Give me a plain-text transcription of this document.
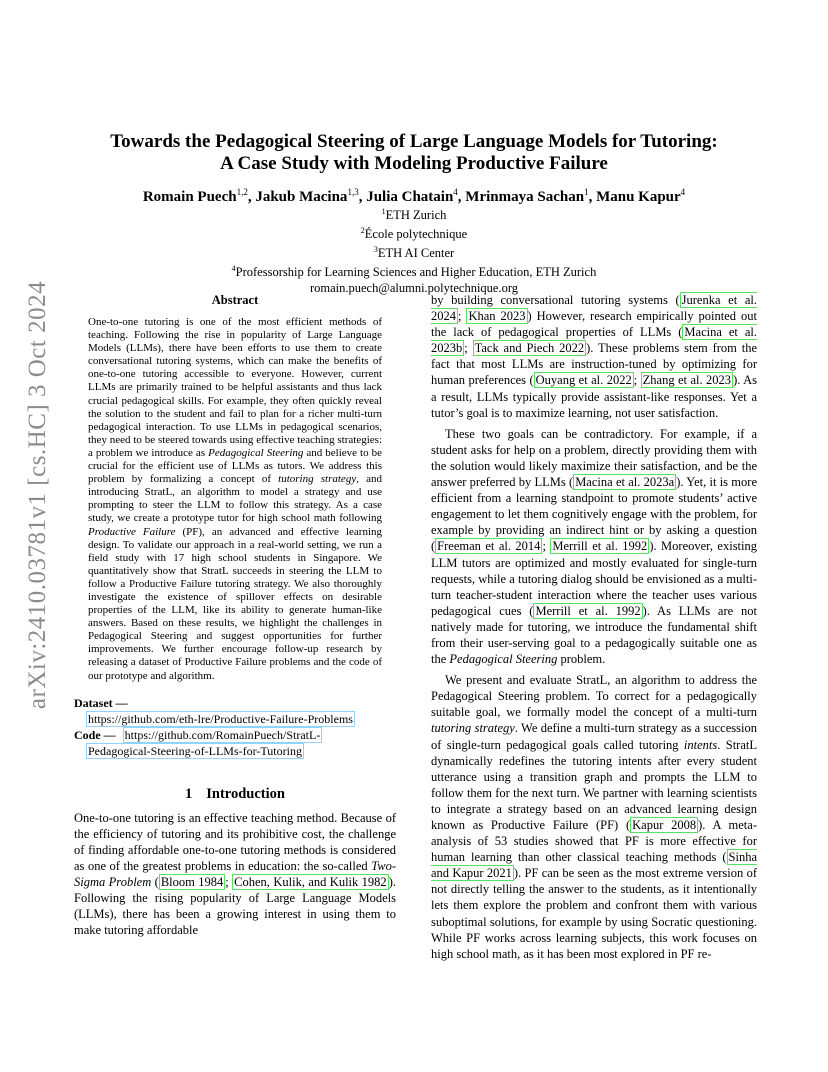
arXiv:2410.03781v1 [cs.HC] 3 Oct 2024
Towards the Pedagogical Steering of Large Language Models for Tutoring:
A Case Study with Modeling Productive Failure
Romain Puech$^{1,2}$, Jakub Macina$^{1,3}$, Julia Chatain$^4$, Mrinmaya Sachan$^1$, Manu Kapur$^4$
$^1$ETH Zurich
$^2$École polytechnique
$^3$ETH AI Center
$^4$Professorship for Learning Sciences and Higher Education, ETH Zurich
romain.puech@alumni.polytechnique.org
Abstract

One-to-one tutoring is one of the most efficient methods of teaching. Following the rise in popularity of Large Language Models (LLMs), there have been efforts to use them to create conversational tutoring systems, which can make the benefits of one-to-one tutoring accessible to everyone. However, current LLMs are primarily trained to be helpful assistants and thus lack crucial pedagogical skills. For example, they often quickly reveal the solution to the student and fail to plan for a richer multi-turn pedagogical interaction. To use LLMs in pedagogical scenarios, they need to be steered towards using effective teaching strategies: a problem we introduce as Pedagogical Steering and believe to be crucial for the efficient use of LLMs as tutors. We address this problem by formalizing a concept of tutoring strategy, and introducing StratL, an algorithm to model a strategy and use prompting to steer the LLM to follow this strategy. As a case study, we create a prototype tutor for high school math following Productive Failure (PF), an advanced and effective learning design. To validate our approach in a real-world setting, we run a field study with 17 high school students in Singapore. We quantitatively show that StratL succeeds in steering the LLM to follow a Productive Failure tutoring strategy. We also thoroughly investigate the existence of spillover effects on desirable properties of the LLM, like its ability to generate human-like answers. Based on these results, we highlight the challenges in Pedagogical Steering and suggest opportunities for further improvements. We further encourage follow-up research by releasing a dataset of Productive Failure problems and the code of our prototype and algorithm.

Dataset —
https://github.com/eth-lre/Productive-Failure-Problems
Code — https://github.com/RomainPuech/StratL-
Pedagogical-Steering-of-LLMs-for-Tutoring
1 Introduction

One-to-one tutoring is an effective teaching method. Because of the efficiency of tutoring and its prohibitive cost, the challenge of finding affordable one-to-one tutoring methods is considered as one of the greatest problems in education: the so-called Two-Sigma Problem ( Bloom 1984 ; Cohen, Kulik, and Kulik 1982 ). Following the rising popularity of Large Language Models (LLMs), there has been a growing interest in using them to make tutoring affordable

by building conversational tutoring systems ( Jurenka et al. 2024 ; Khan 2023 ) However, research empirically pointed out the lack of pedagogical properties of LLMs ( Macina et al. 2023b ; Tack and Piech 2022 ). These problems stem from the fact that most LLMs are instruction-tuned by optimizing for human preferences ( Ouyang et al. 2022 ; Zhang et al. 2023 ). As a result, LLMs typically provide assistant-like responses. Yet a tutor’s goal is to maximize learning, not user satisfaction.

These two goals can be contradictory. For example, if a student asks for help on a problem, directly providing them with the solution would likely maximize their satisfaction, and be the answer preferred by LLMs ( Macina et al. 2023a ). Yet, it is more efficient from a learning standpoint to promote students’ active engagement to let them cognitively engage with the problem, for example by providing an indirect hint or by asking a question ( Freeman et al. 2014 ; Merrill et al. 1992 ). Moreover, existing LLM tutors are optimized and mostly evaluated for single-turn requests, while a tutoring dialog should be envisioned as a multi-turn teacher-student interaction where the teacher uses various pedagogical cues ( Merrill et al. 1992 ). As LLMs are not natively made for tutoring, we introduce the fundamental shift from their user-serving goal to a pedagogically suitable one as the Pedagogical Steering problem.

We present and evaluate StratL, an algorithm to address the Pedagogical Steering problem. To correct for a pedagogically suitable goal, we formally model the concept of a multi-turn tutoring strategy. We define a multi-turn strategy as a succession of single-turn pedagogical goals called tutoring intents. StratL dynamically redefines the tutoring intents after every student utterance using a transition graph and prompts the LLM to follow them for the next turn. We partner with learning scientists to integrate a strategy based on an advanced learning design known as Productive Failure (PF) ( Kapur 2008 ). A meta-analysis of 53 studies showed that PF is more effective for human learning than other classical teaching methods ( Sinha and Kapur 2021 ). PF can be seen as the most extreme version of not directly telling the answer to the students, as it intentionally lets them explore the problem and confront them with various suboptimal solutions, for example by using Socratic questioning. While PF works across learning subjects, this work focuses on high school math, as it has been most explored in PF re-
